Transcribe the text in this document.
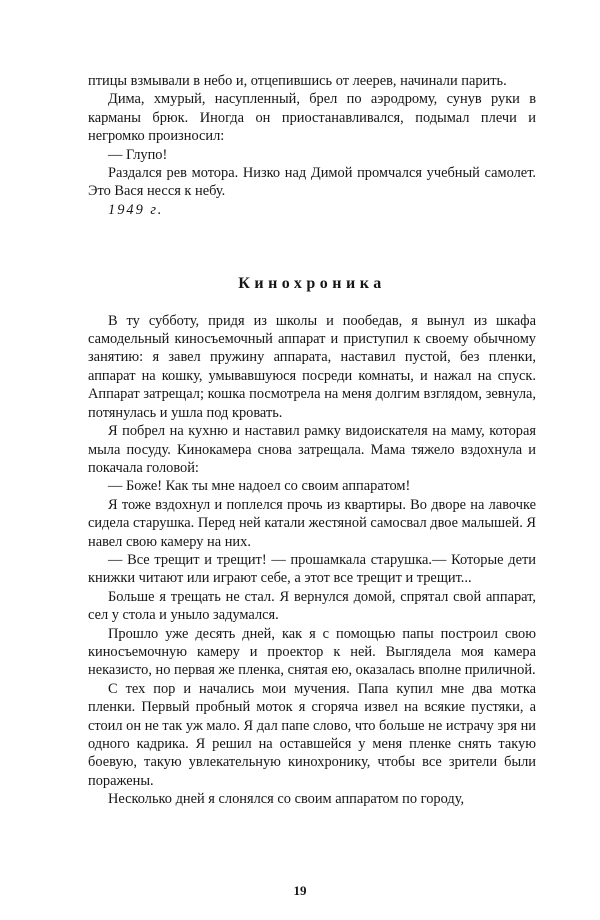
птицы взмывали в небо и, отцепившись от леерев, начинали парить.

Дима, хмурый, насупленный, брел по аэродрому, сунув руки в карманы брюк. Иногда он приостанавливался, подымал плечи и негромко произносил:

— Глупо!

Раздался рев мотора. Низко над Димой промчался учебный самолет. Это Вася несся к небу.

1949 г.

Кинохроника

В ту субботу, придя из школы и пообедав, я вынул из шкафа самодельный киносъемочный аппарат и приступил к своему обычному занятию: я завел пружину аппарата, наставил пустой, без пленки, аппарат на кошку, умывавшуюся посреди комнаты, и нажал на спуск. Аппарат затрещал; кошка посмотрела на меня долгим взглядом, зевнула, потянулась и ушла под кровать.

Я побрел на кухню и наставил рамку видоискателя на маму, которая мыла посуду. Кинокамера снова затрещала. Мама тяжело вздохнула и покачала головой:

— Боже! Как ты мне надоел со своим аппаратом!

Я тоже вздохнул и поплелся прочь из квартиры. Во дворе на лавочке сидела старушка. Перед ней катали жестяной самосвал двое малышей. Я навел свою камеру на них.

— Все трещит и трещит! — прошамкала старушка.— Которые дети книжки читают или играют себе, а этот все трещит и трещит...

Больше я трещать не стал. Я вернулся домой, спрятал свой аппарат, сел у стола и уныло задумался.

Прошло уже десять дней, как я с помощью папы построил свою киносъемочную камеру и проектор к ней. Выглядела моя камера неказисто, но первая же пленка, снятая ею, оказалась вполне приличной.

С тех пор и начались мои мучения. Папа купил мне два мотка пленки. Первый пробный моток я сгоряча извел на всякие пустяки, а стоил он не так уж мало. Я дал папе слово, что больше не истрачу зря ни одного кадрика. Я решил на оставшейся у меня пленке снять такую боевую, такую увлекательную кинохронику, чтобы все зрители были поражены.

Несколько дней я слонялся со своим аппаратом по городу,

19
